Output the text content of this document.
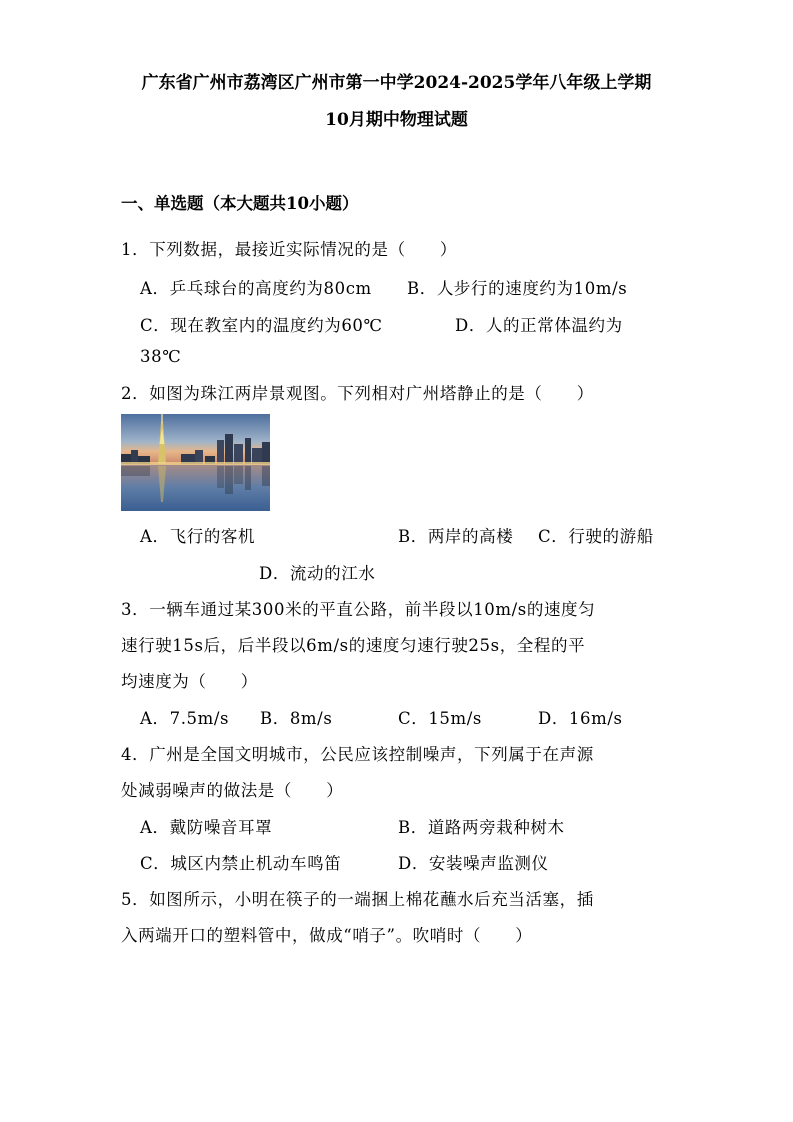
广东省广州市荔湾区广州市第一中学2024-2025学年八年级上学期
10月期中物理试题
一、单选题（本大题共10小题）
1．下列数据，最接近实际情况的是（　　）
A．乒乓球台的高度约为80cm B．人步行的速度约为10m/s
C．现在教室内的温度约为60℃	D．人的正常体温约为
38℃
2．如图为珠江两岸景观图。下列相对广州塔静止的是（　　）
A．飞行的客机	B．两岸的高楼 C．行驶的游船
D．流动的江水
3．一辆车通过某300米的平直公路，前半段以10m/s的速度匀
速行驶15s后，后半段以6m/s的速度匀速行驶25s，全程的平
均速度为（　　）
A．7.5m/s B．8m/s	C．15m/s	D．16m/s
4．广州是全国文明城市，公民应该控制噪声，下列属于在声源
处减弱噪声的做法是（　　）
A．戴防噪音耳罩	B．道路两旁栽种树木
C．城区内禁止机动车鸣笛	D．安装噪声监测仪
5．如图所示，小明在筷子的一端捆上棉花蘸水后充当活塞，插
入两端开口的塑料管中，做成“哨子”。吹哨时（　　）
